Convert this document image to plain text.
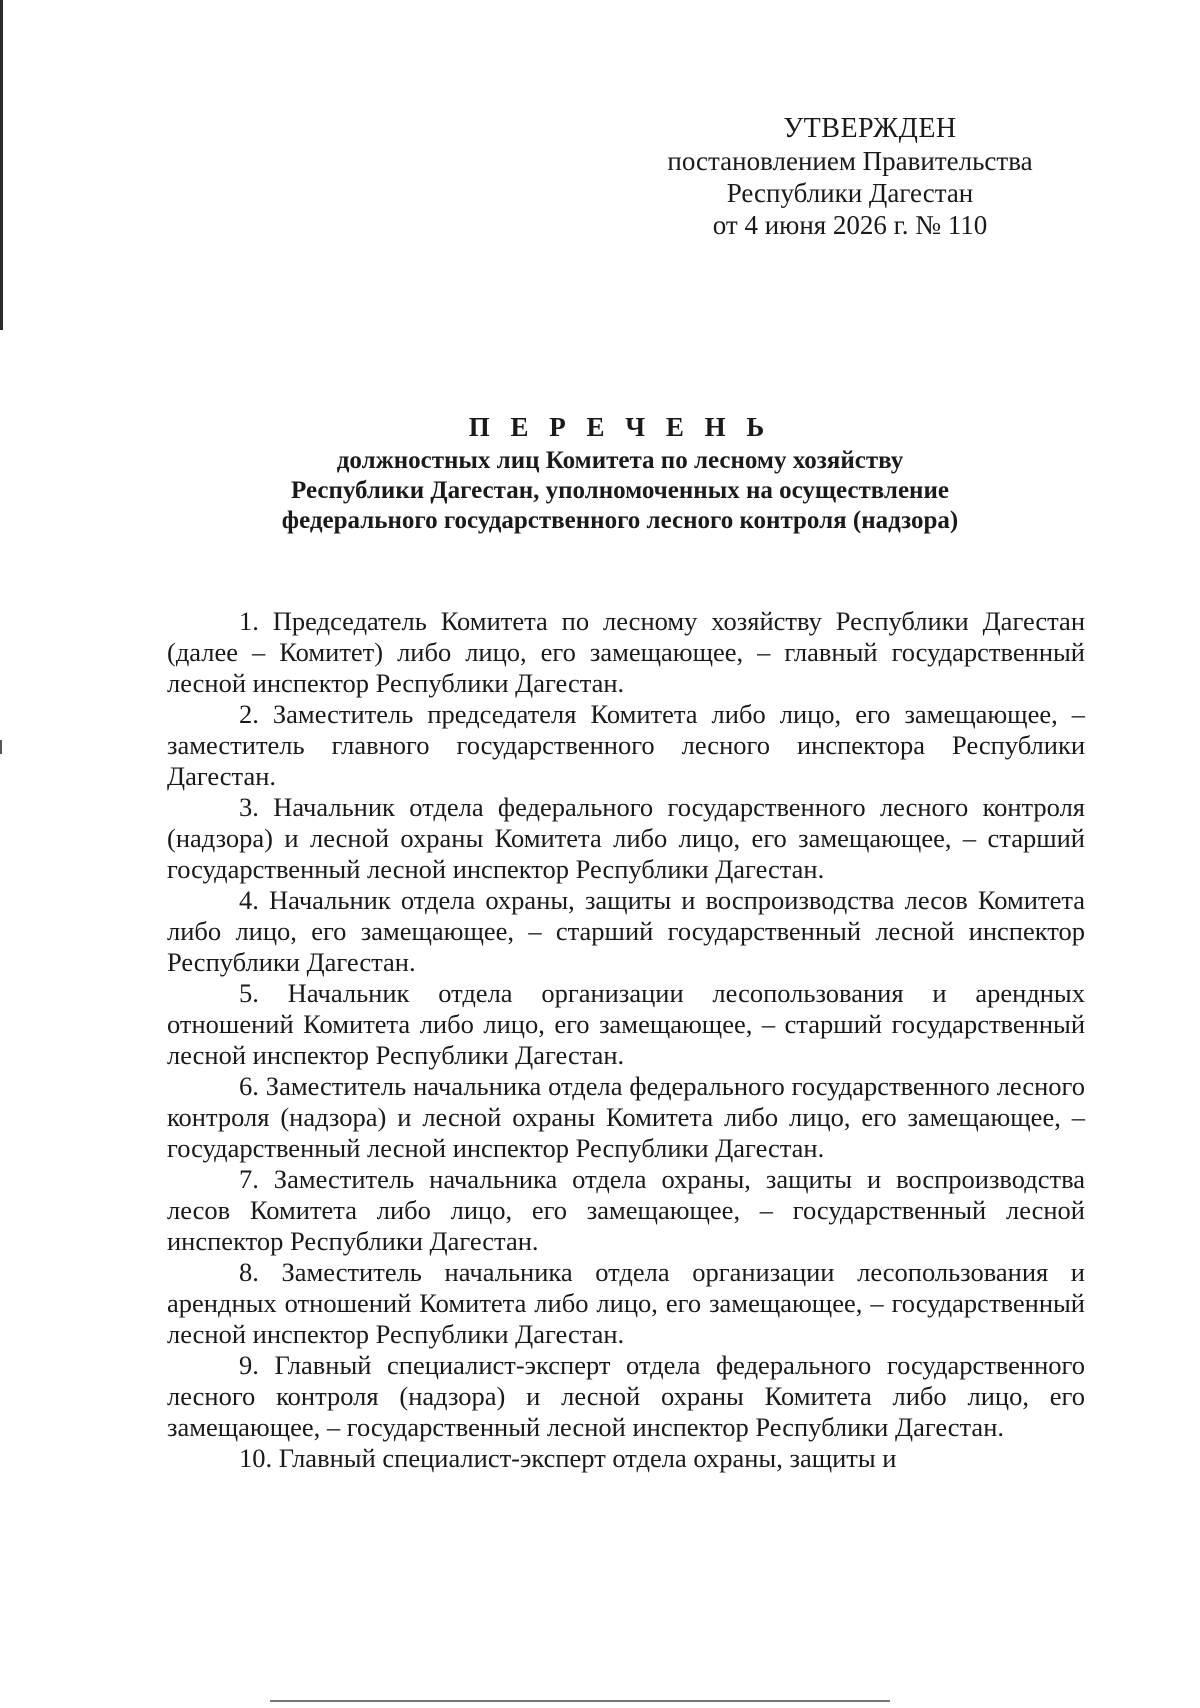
УТВЕРЖДЕН
постановлением Правительства
Республики Дагестан
от 4 июня 2026 г. № 110
П Е Р Е Ч Е Н Ь
должностных лиц Комитета по лесному хозяйству
Республики Дагестан, уполномоченных на осуществление
федерального государственного лесного контроля (надзора)

1. Председатель Комитета по лесному хозяйству Республики Дагестан (далее – Комитет) либо лицо, его замещающее, – главный государственный лесной инспектор Республики Дагестан.

2. Заместитель председателя Комитета либо лицо, его замещающее, – заместитель главного государственного лесного инспектора Республики Дагестан.

3. Начальник отдела федерального государственного лесного контроля (надзора) и лесной охраны Комитета либо лицо, его замещающее, – старший государственный лесной инспектор Республики Дагестан.

4. Начальник отдела охраны, защиты и воспроизводства лесов Комитета либо лицо, его замещающее, – старший государственный лесной инспектор Республики Дагестан.

5. Начальник отдела организации лесопользования и арендных отношений Комитета либо лицо, его замещающее, – старший государственный лесной инспектор Республики Дагестан.

6. Заместитель начальника отдела федерального государственного лесного контроля (надзора) и лесной охраны Комитета либо лицо, его замещающее, – государственный лесной инспектор Республики Дагестан.

7. Заместитель начальника отдела охраны, защиты и воспроизводства лесов Комитета либо лицо, его замещающее, – государственный лесной инспектор Республики Дагестан.

8. Заместитель начальника отдела организации лесопользования и арендных отношений Комитета либо лицо, его замещающее, – государственный лесной инспектор Республики Дагестан.

9. Главный специалист-эксперт отдела федерального государственного лесного контроля (надзора) и лесной охраны Комитета либо лицо, его замещающее, – государственный лесной инспектор Республики Дагестан.

10. Главный специалист-эксперт отдела охраны, защиты и
